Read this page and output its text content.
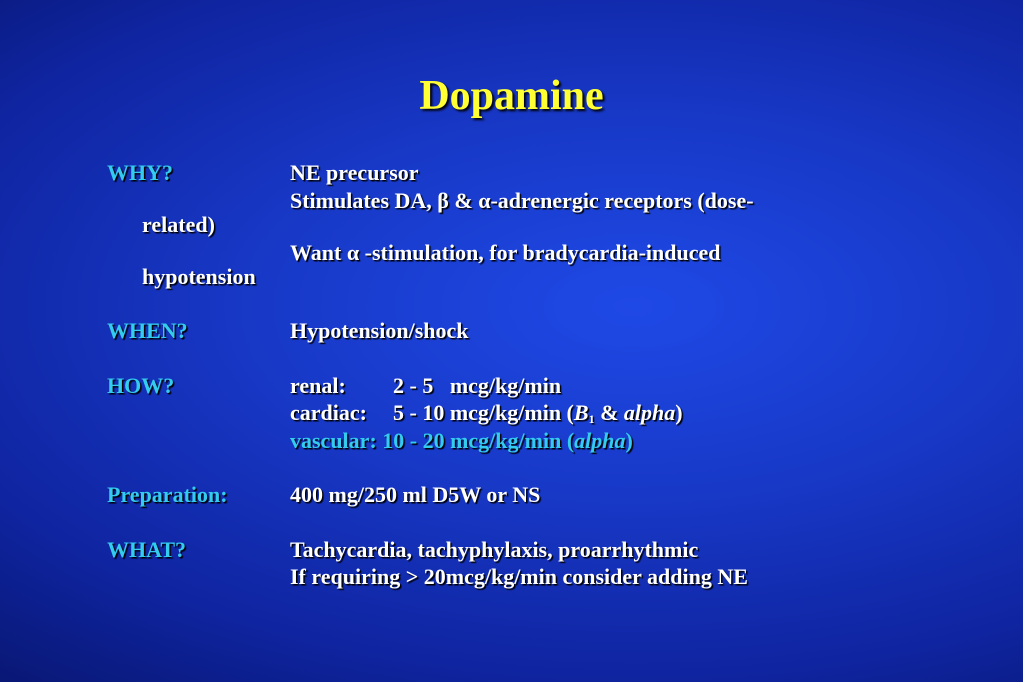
Dopamine
WHY?	NE precursor
Stimulates DA, β & α-adrenergic receptors (dose-
related)
Want α -stimulation, for bradycardia-induced
hypotension
WHEN?	Hypotension/shock
HOW?	renal: 2 - 5   mcg/kg/min
cardiac: 5 - 10 mcg/kg/min ($B_1$ & alpha)
vascular: 10 - 20 mcg/kg/min (alpha)
Preparation:	400 mg/250 ml D5W or NS
WHAT?	Tachycardia, tachyphylaxis, proarrhythmic
If requiring > 20mcg/kg/min consider adding NE
